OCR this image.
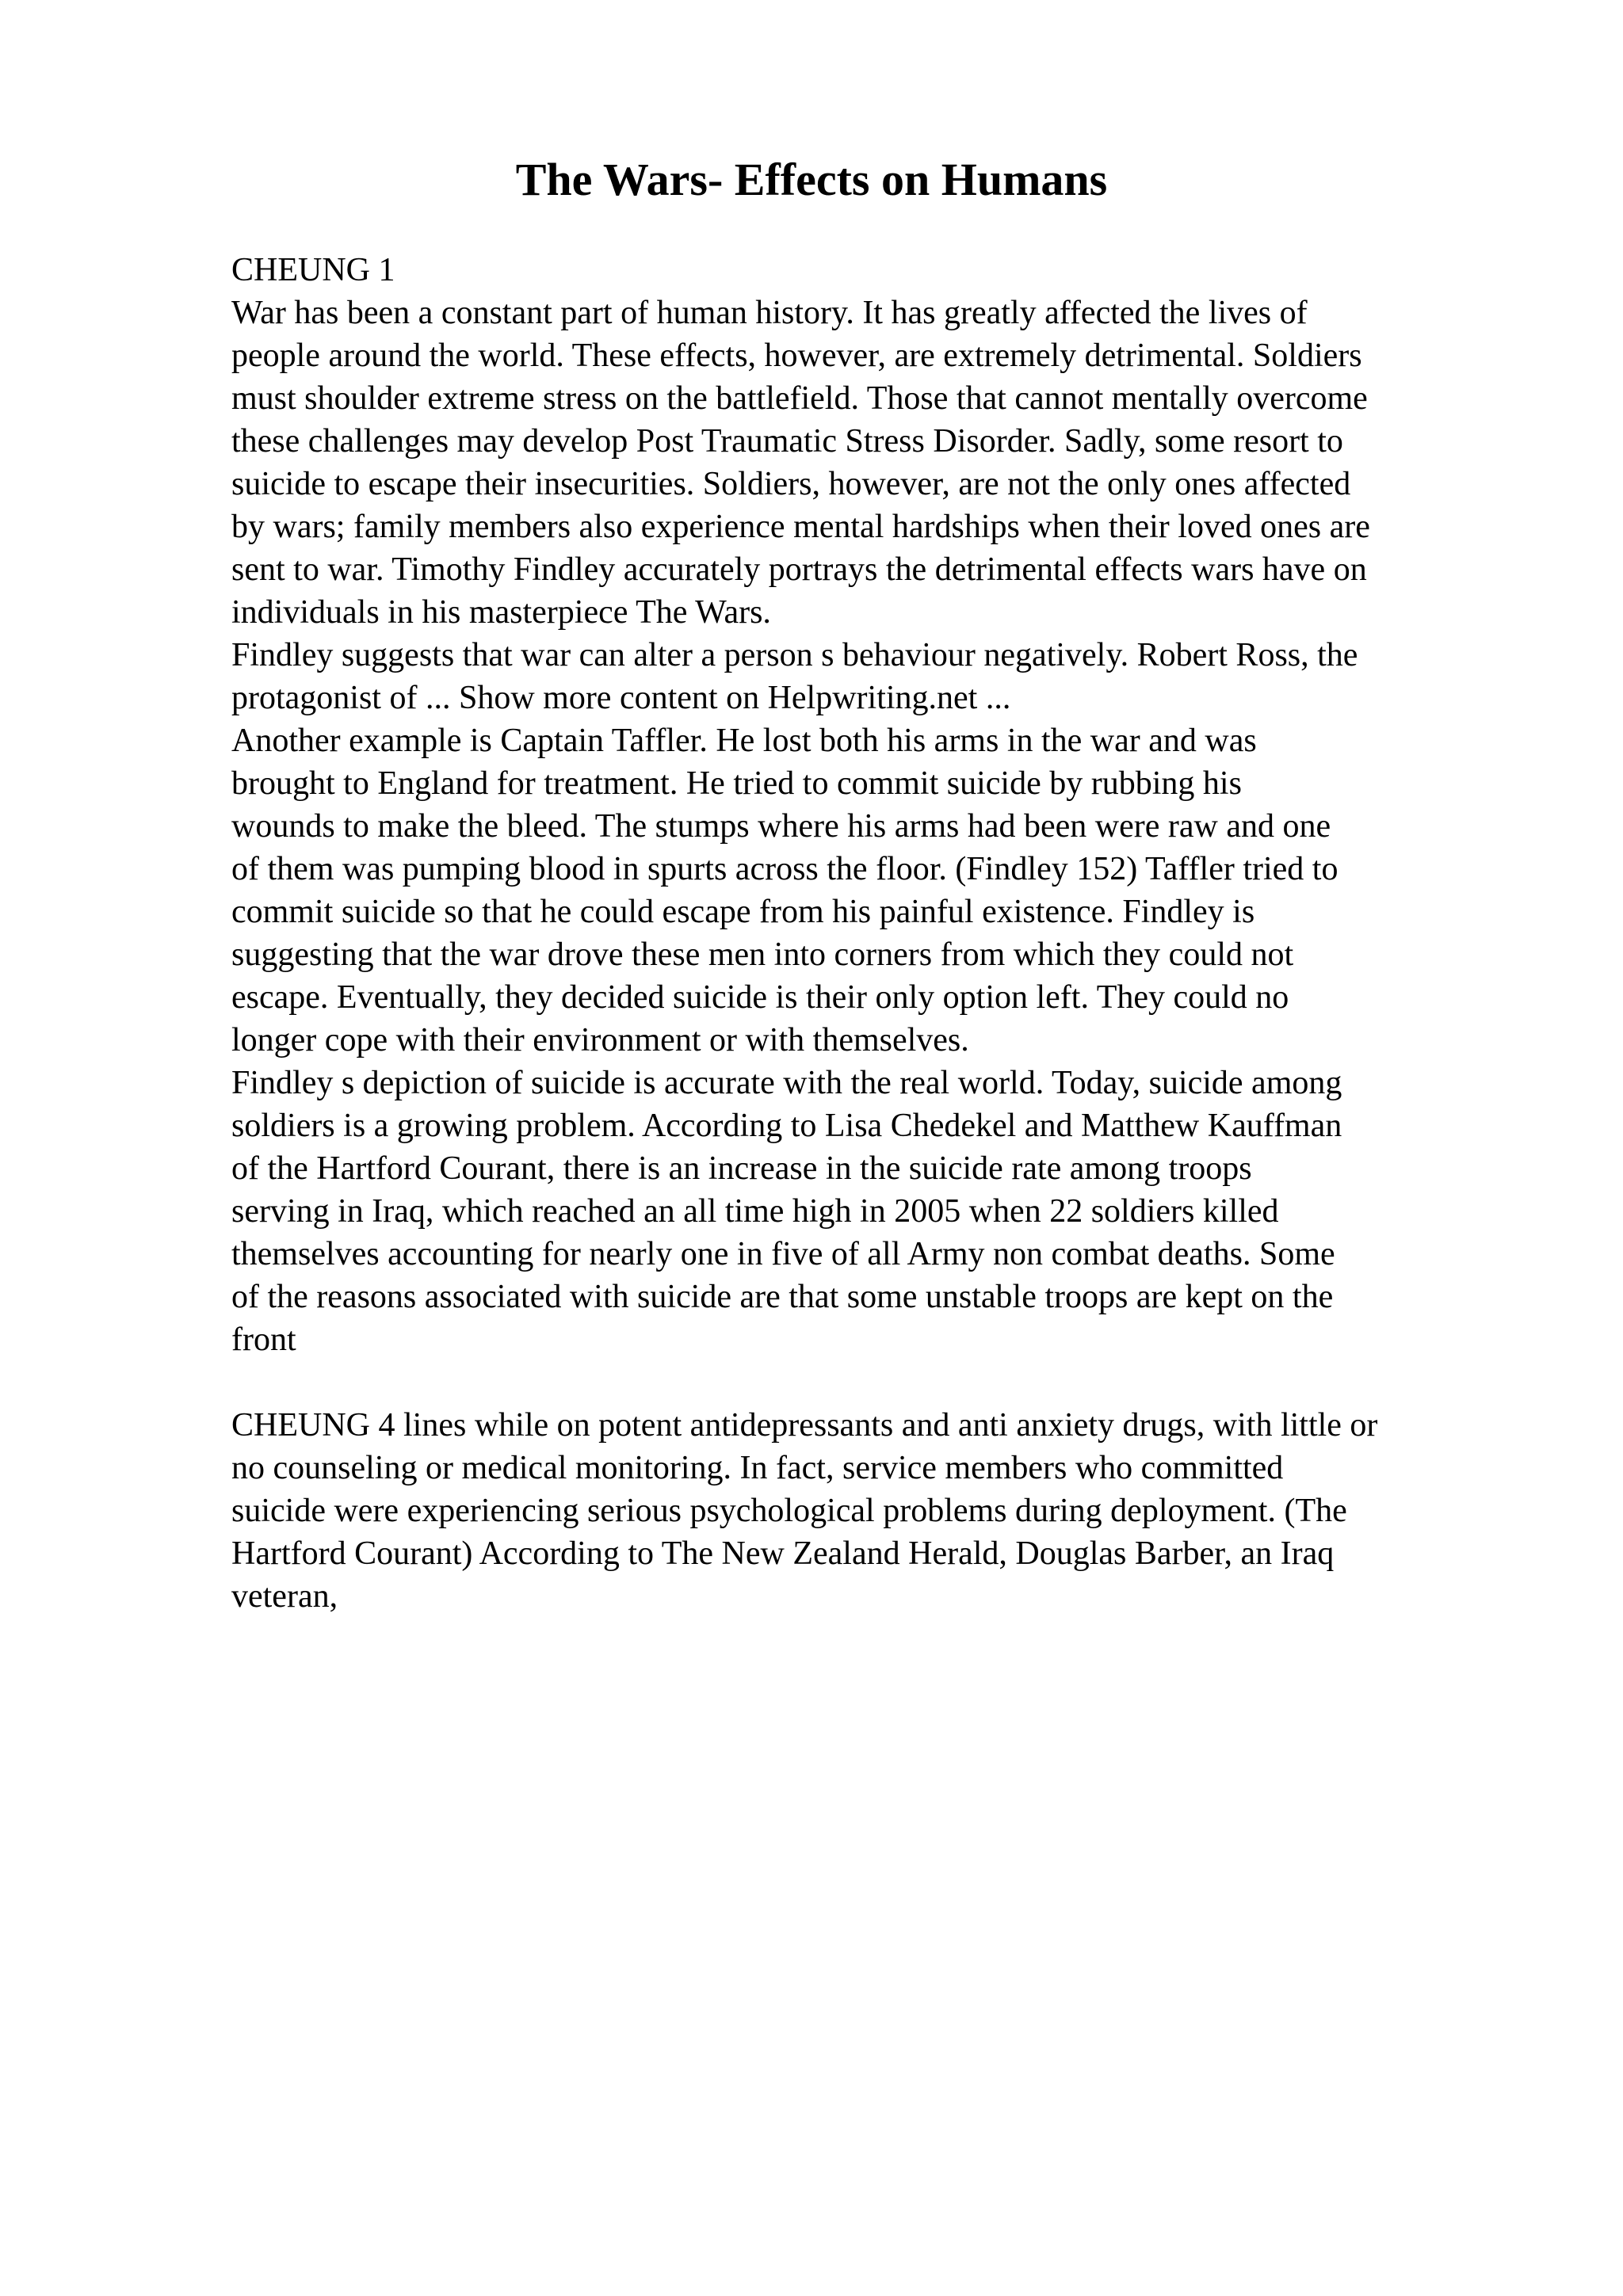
The Wars- Effects on Humans
CHEUNG 1
War has been a constant part of human history. It has greatly affected the lives of
people around the world. These effects, however, are extremely detrimental. Soldiers
must shoulder extreme stress on the battlefield. Those that cannot mentally overcome
these challenges may develop Post Traumatic Stress Disorder. Sadly, some resort to
suicide to escape their insecurities. Soldiers, however, are not the only ones affected
by wars; family members also experience mental hardships when their loved ones are
sent to war. Timothy Findley accurately portrays the detrimental effects wars have on
individuals in his masterpiece The Wars.
Findley suggests that war can alter a person s behaviour negatively. Robert Ross, the
protagonist of ... Show more content on Helpwriting.net ...
Another example is Captain Taffler. He lost both his arms in the war and was
brought to England for treatment. He tried to commit suicide by rubbing his
wounds to make the bleed. The stumps where his arms had been were raw and one
of them was pumping blood in spurts across the floor. (Findley 152) Taffler tried to
commit suicide so that he could escape from his painful existence. Findley is
suggesting that the war drove these men into corners from which they could not
escape. Eventually, they decided suicide is their only option left. They could no
longer cope with their environment or with themselves.
Findley s depiction of suicide is accurate with the real world. Today, suicide among
soldiers is a growing problem. According to Lisa Chedekel and Matthew Kauffman
of the Hartford Courant, there is an increase in the suicide rate among troops
serving in Iraq, which reached an all time high in 2005 when 22 soldiers killed
themselves accounting for nearly one in five of all Army non combat deaths. Some
of the reasons associated with suicide are that some unstable troops are kept on the
front
CHEUNG 4 lines while on potent antidepressants and anti anxiety drugs, with little or
no counseling or medical monitoring. In fact, service members who committed
suicide were experiencing serious psychological problems during deployment. (The
Hartford Courant) According to The New Zealand Herald, Douglas Barber, an Iraq
veteran,
